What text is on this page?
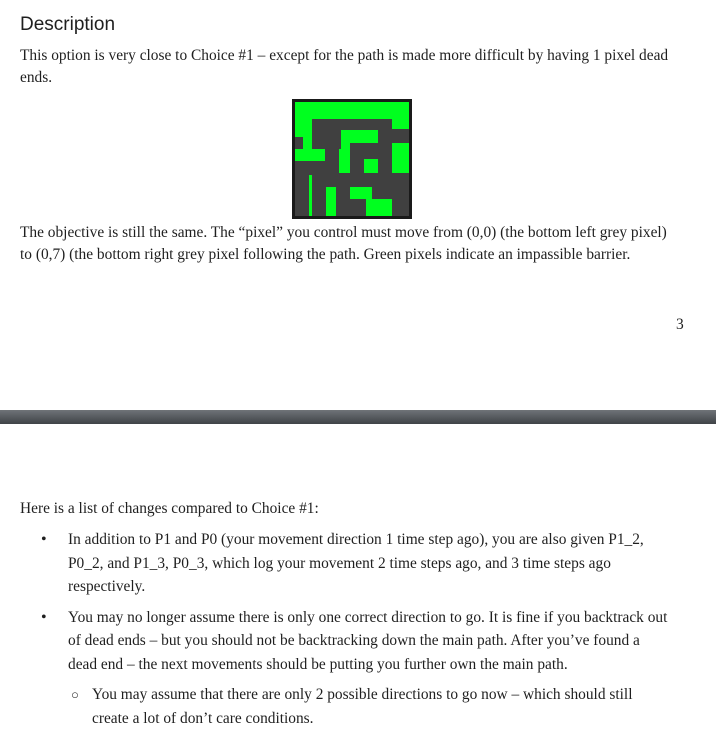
Description

This option is very close to Choice #1 – except for the path is made more difficult by having 1 pixel dead ends.

The objective is still the same. The “pixel” you control must move from (0,0) (the bottom left grey pixel) to (0,7) (the bottom right grey pixel following the path. Green pixels indicate an impassible barrier.

3

Here is a list of changes compared to Choice #1:

• In addition to P1 and P0 (your movement direction 1 time step ago), you are also given P1_2, P0_2, and P1_3, P0_3, which log your movement 2 time steps ago, and 3 time steps ago respectively.
• You may no longer assume there is only one correct direction to go. It is fine if you backtrack out of dead ends – but you should not be backtracking down the main path. After you’ve found a dead end – the next movements should be putting you further own the main path.
○ You may assume that there are only 2 possible directions to go now – which should still create a lot of don’t care conditions.
